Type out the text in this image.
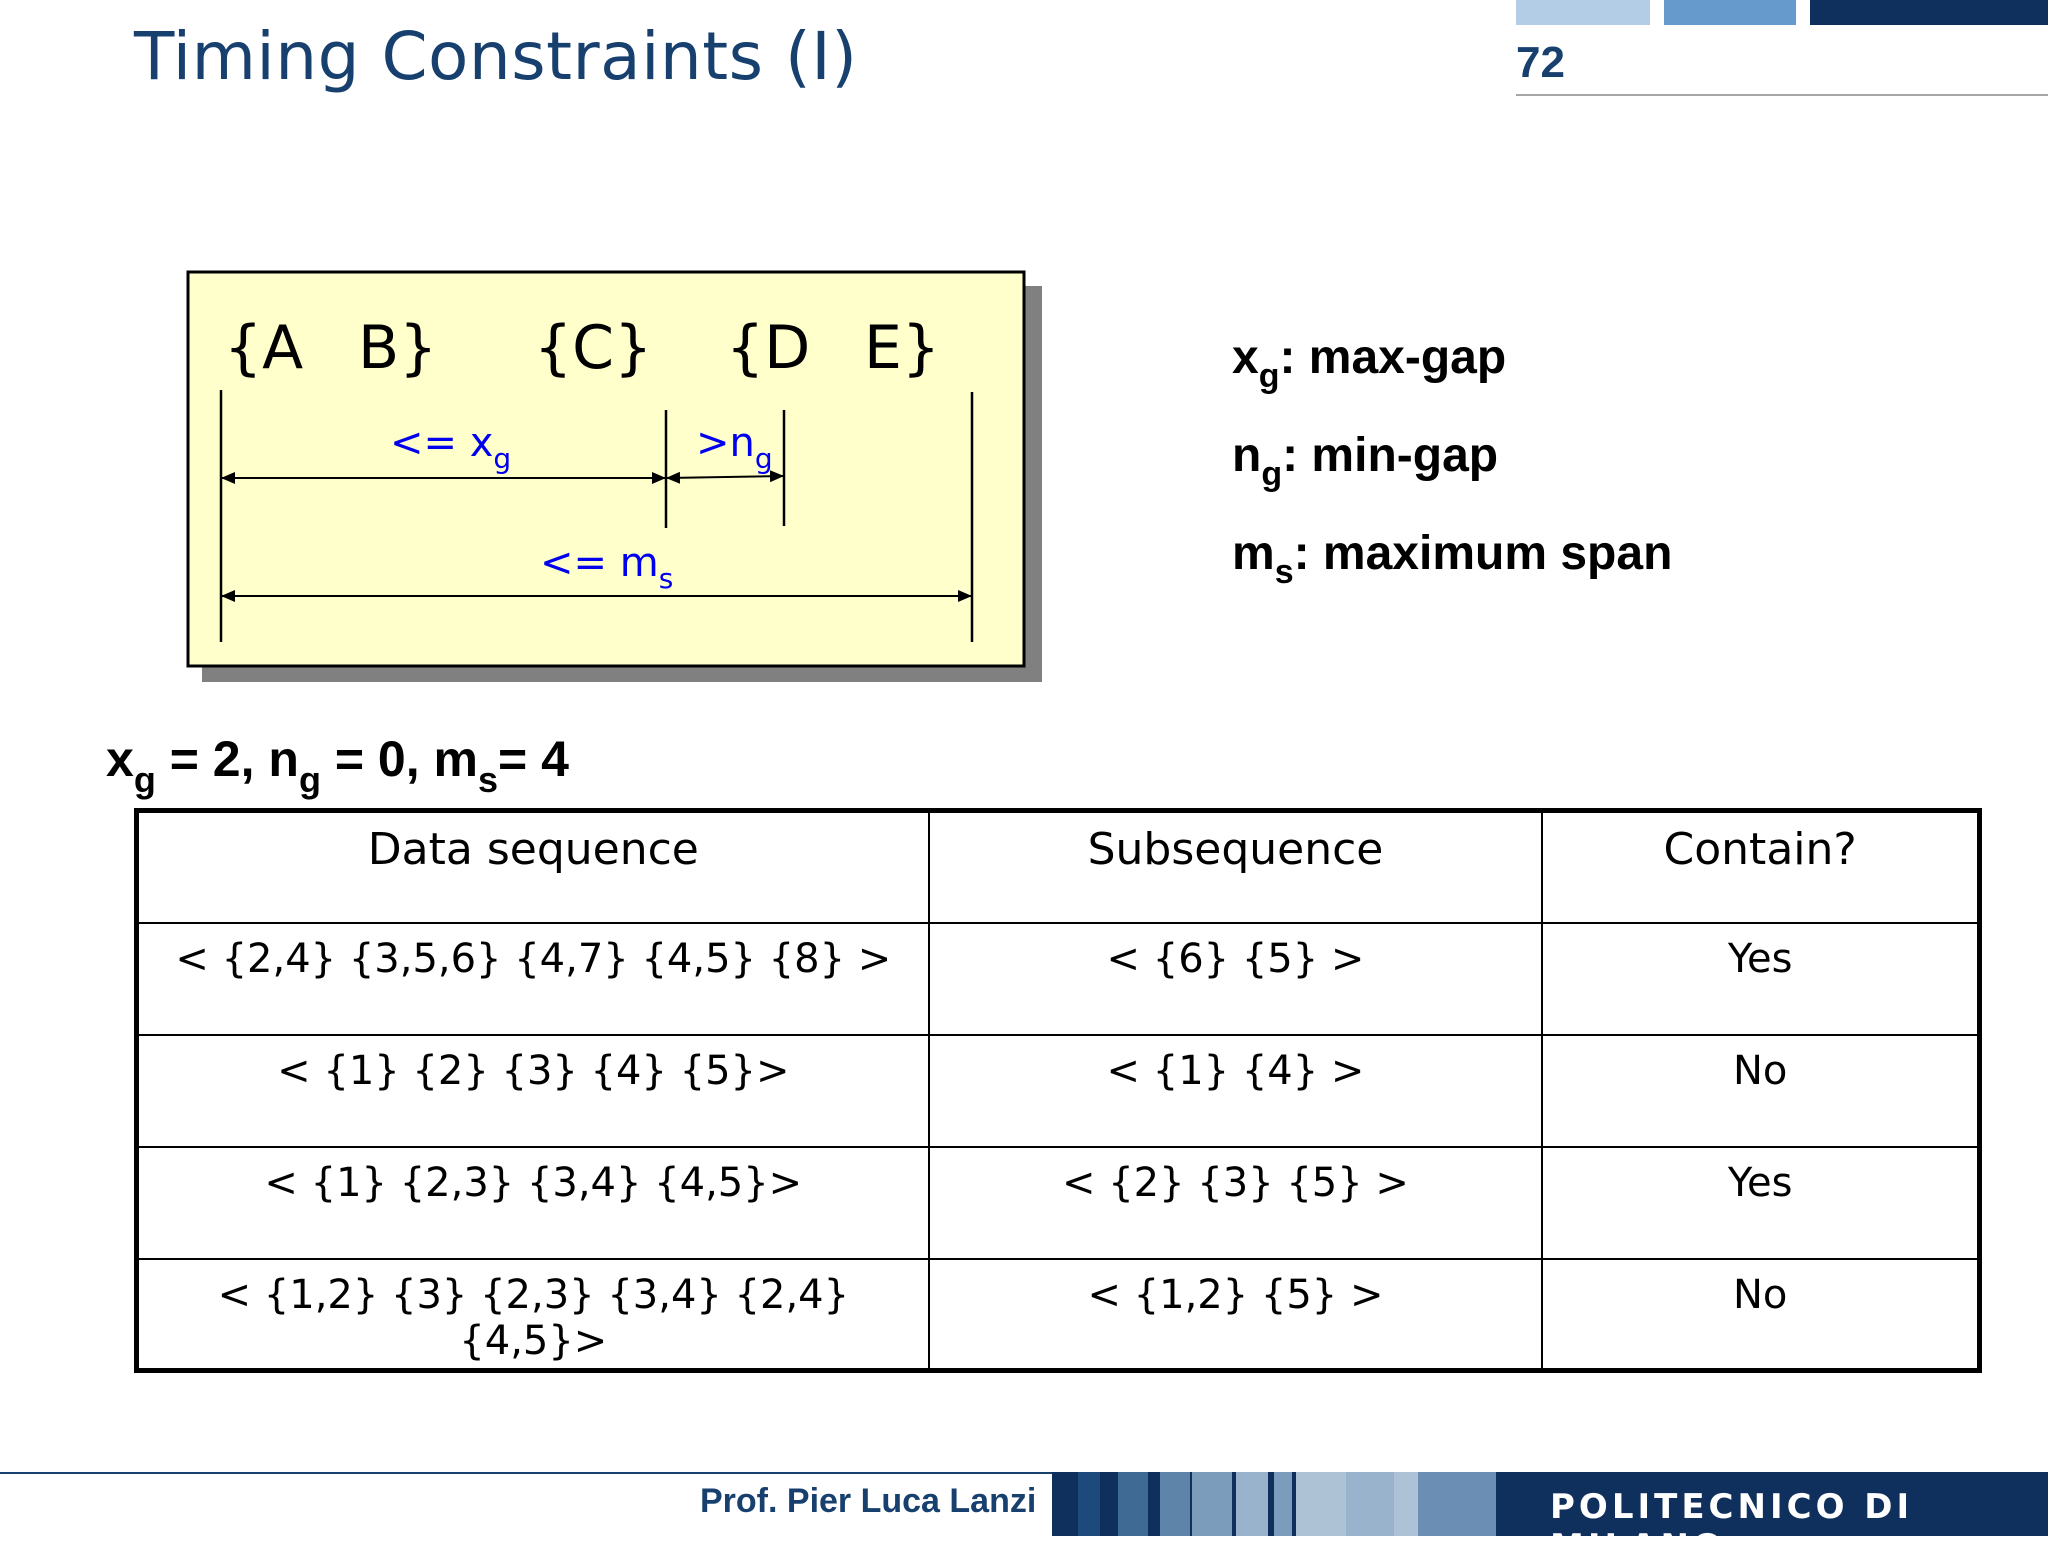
Timing Constraints (I)	72
{A B} {C} {D E}
<= $x_g$	$>n_g$
<= $m_s$
$x_g$: max-gap
$n_g$: min-gap
$m_s$: maximum span
$x_g = 2$, $n_g = 0$, $m_s= 4$
Data sequence	Subsequence	Contain?
< {2,4} {3,5,6} {4,7} {4,5} {8} >	< {6} {5} >	Yes
< {1} {2} {3} {4} {5}>	< {1} {4} >	No
< {1} {2,3} {3,4} {4,5}>	< {2} {3} {5} >	Yes
< {1,2} {3} {2,3} {3,4} {2,4} {4,5}>	< {1,2} {5} >	No
Prof. Pier Luca Lanzi	POLITECNICO DI MILANO
